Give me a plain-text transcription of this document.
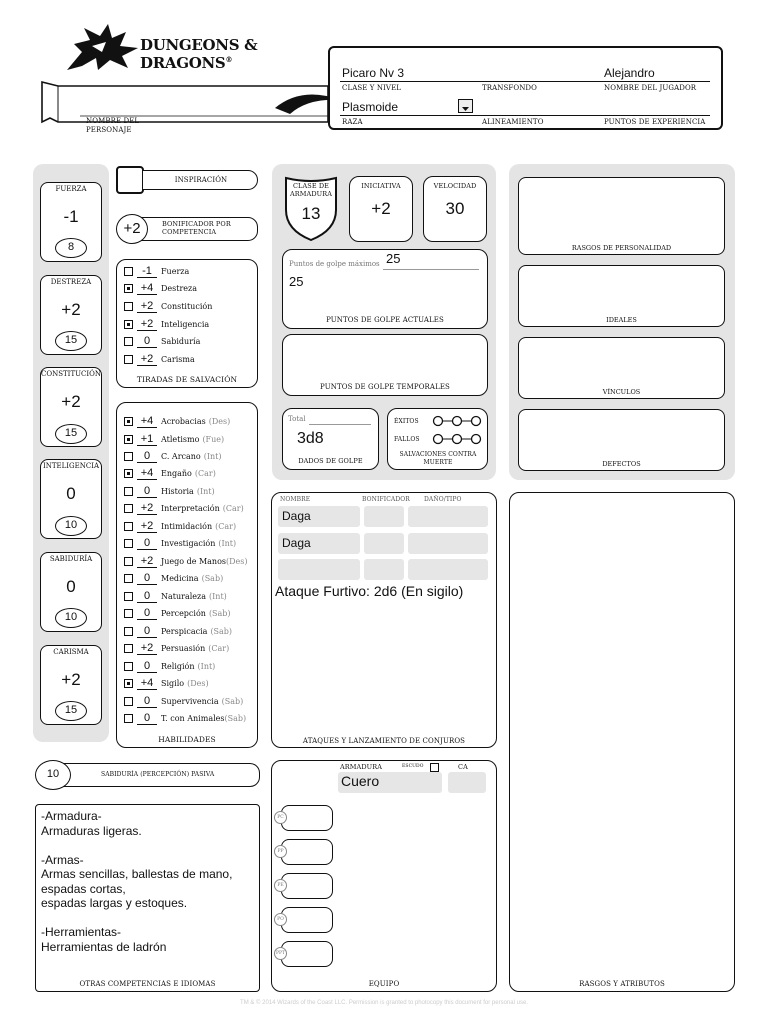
DUNGEONS & DRAGONS®
NOMBRE DEL PERSONAJE
Picaro Nv 3
CLASE Y NIVEL	TRANSFONDO
Alejandro
NOMBRE DEL JUGADOR
Plasmoide
RAZA	ALINEAMIENTO	PUNTOS DE EXPERIENCIA
FUERZA
-1
8
DESTREZA
+2
15
CONSTITUCIÓN
+2
15
INTELIGENCIA
0
10
SABIDURÍA
0
10
CARISMA
+2
15
INSPIRACIÓN
+2	BONIFICADOR POR COMPETENCIA
-1	Fuerza
+4 Destreza
+2 Constitución
+2 Inteligencia
0	Sabiduría
+2 Carisma
TIRADAS DE SALVACIÓN
+4 Acrobacias (Des)
+1 Atletismo (Fue)
0	C. Arcano (Int)
+4 Engaño (Car)
0	Historia (Int)
+2 Interpretación (Car)
+2 Intimidación (Car)
0	Investigación (Int)
+2 Juego de Manos (Des)
0	Medicina (Sab)
0	Naturaleza (Int)
0	Percepción (Sab)
0	Perspicacia (Sab)
+2 Persuasión (Car)
0	Religión (Int)
+4 Sigilo (Des)
0	Supervivencia (Sab)
0	T. con Animales (Sab)
HABILIDADES
CLASE DE ARMADURA
13
INICIATIVA
+2
VELOCIDAD
30
Puntos de golpe máximos 25
25
PUNTOS DE GOLPE ACTUALES
PUNTOS DE GOLPE TEMPORALES
Total
3d8
DADOS DE GOLPE
ÉXITOS
FALLOS
SALVACIONES CONTRA MUERTE
NOMBRE	BONIFICADOR DAÑO/TIPO
Daga
Daga
Ataque Furtivo: 2d6 (En sigilo)
ATAQUES Y LANZAMIENTO DE CONJUROS
RASGOS DE PERSONALIDAD
IDEALES
VÍNCULOS
DEFECTOS
RASGOS Y ATRIBUTOS
10	SABIDURÍA (PERCEPCIÓN) PASIVA
-Armadura-
Armaduras ligeras.

-Armas-
Armas sencillas, ballestas de mano, espadas cortas,
espadas largas y estoques.

-Herramientas-
Herramientas de ladrón
OTRAS COMPETENCIAS E IDIOMAS
ARMADURA	ESCUDO	CA
Cuero
EQUIPO
PC
PP
PE
PO
PPT
TM & © 2014 Wizards of the Coast LLC. Permission is granted to photocopy this document for personal use.
